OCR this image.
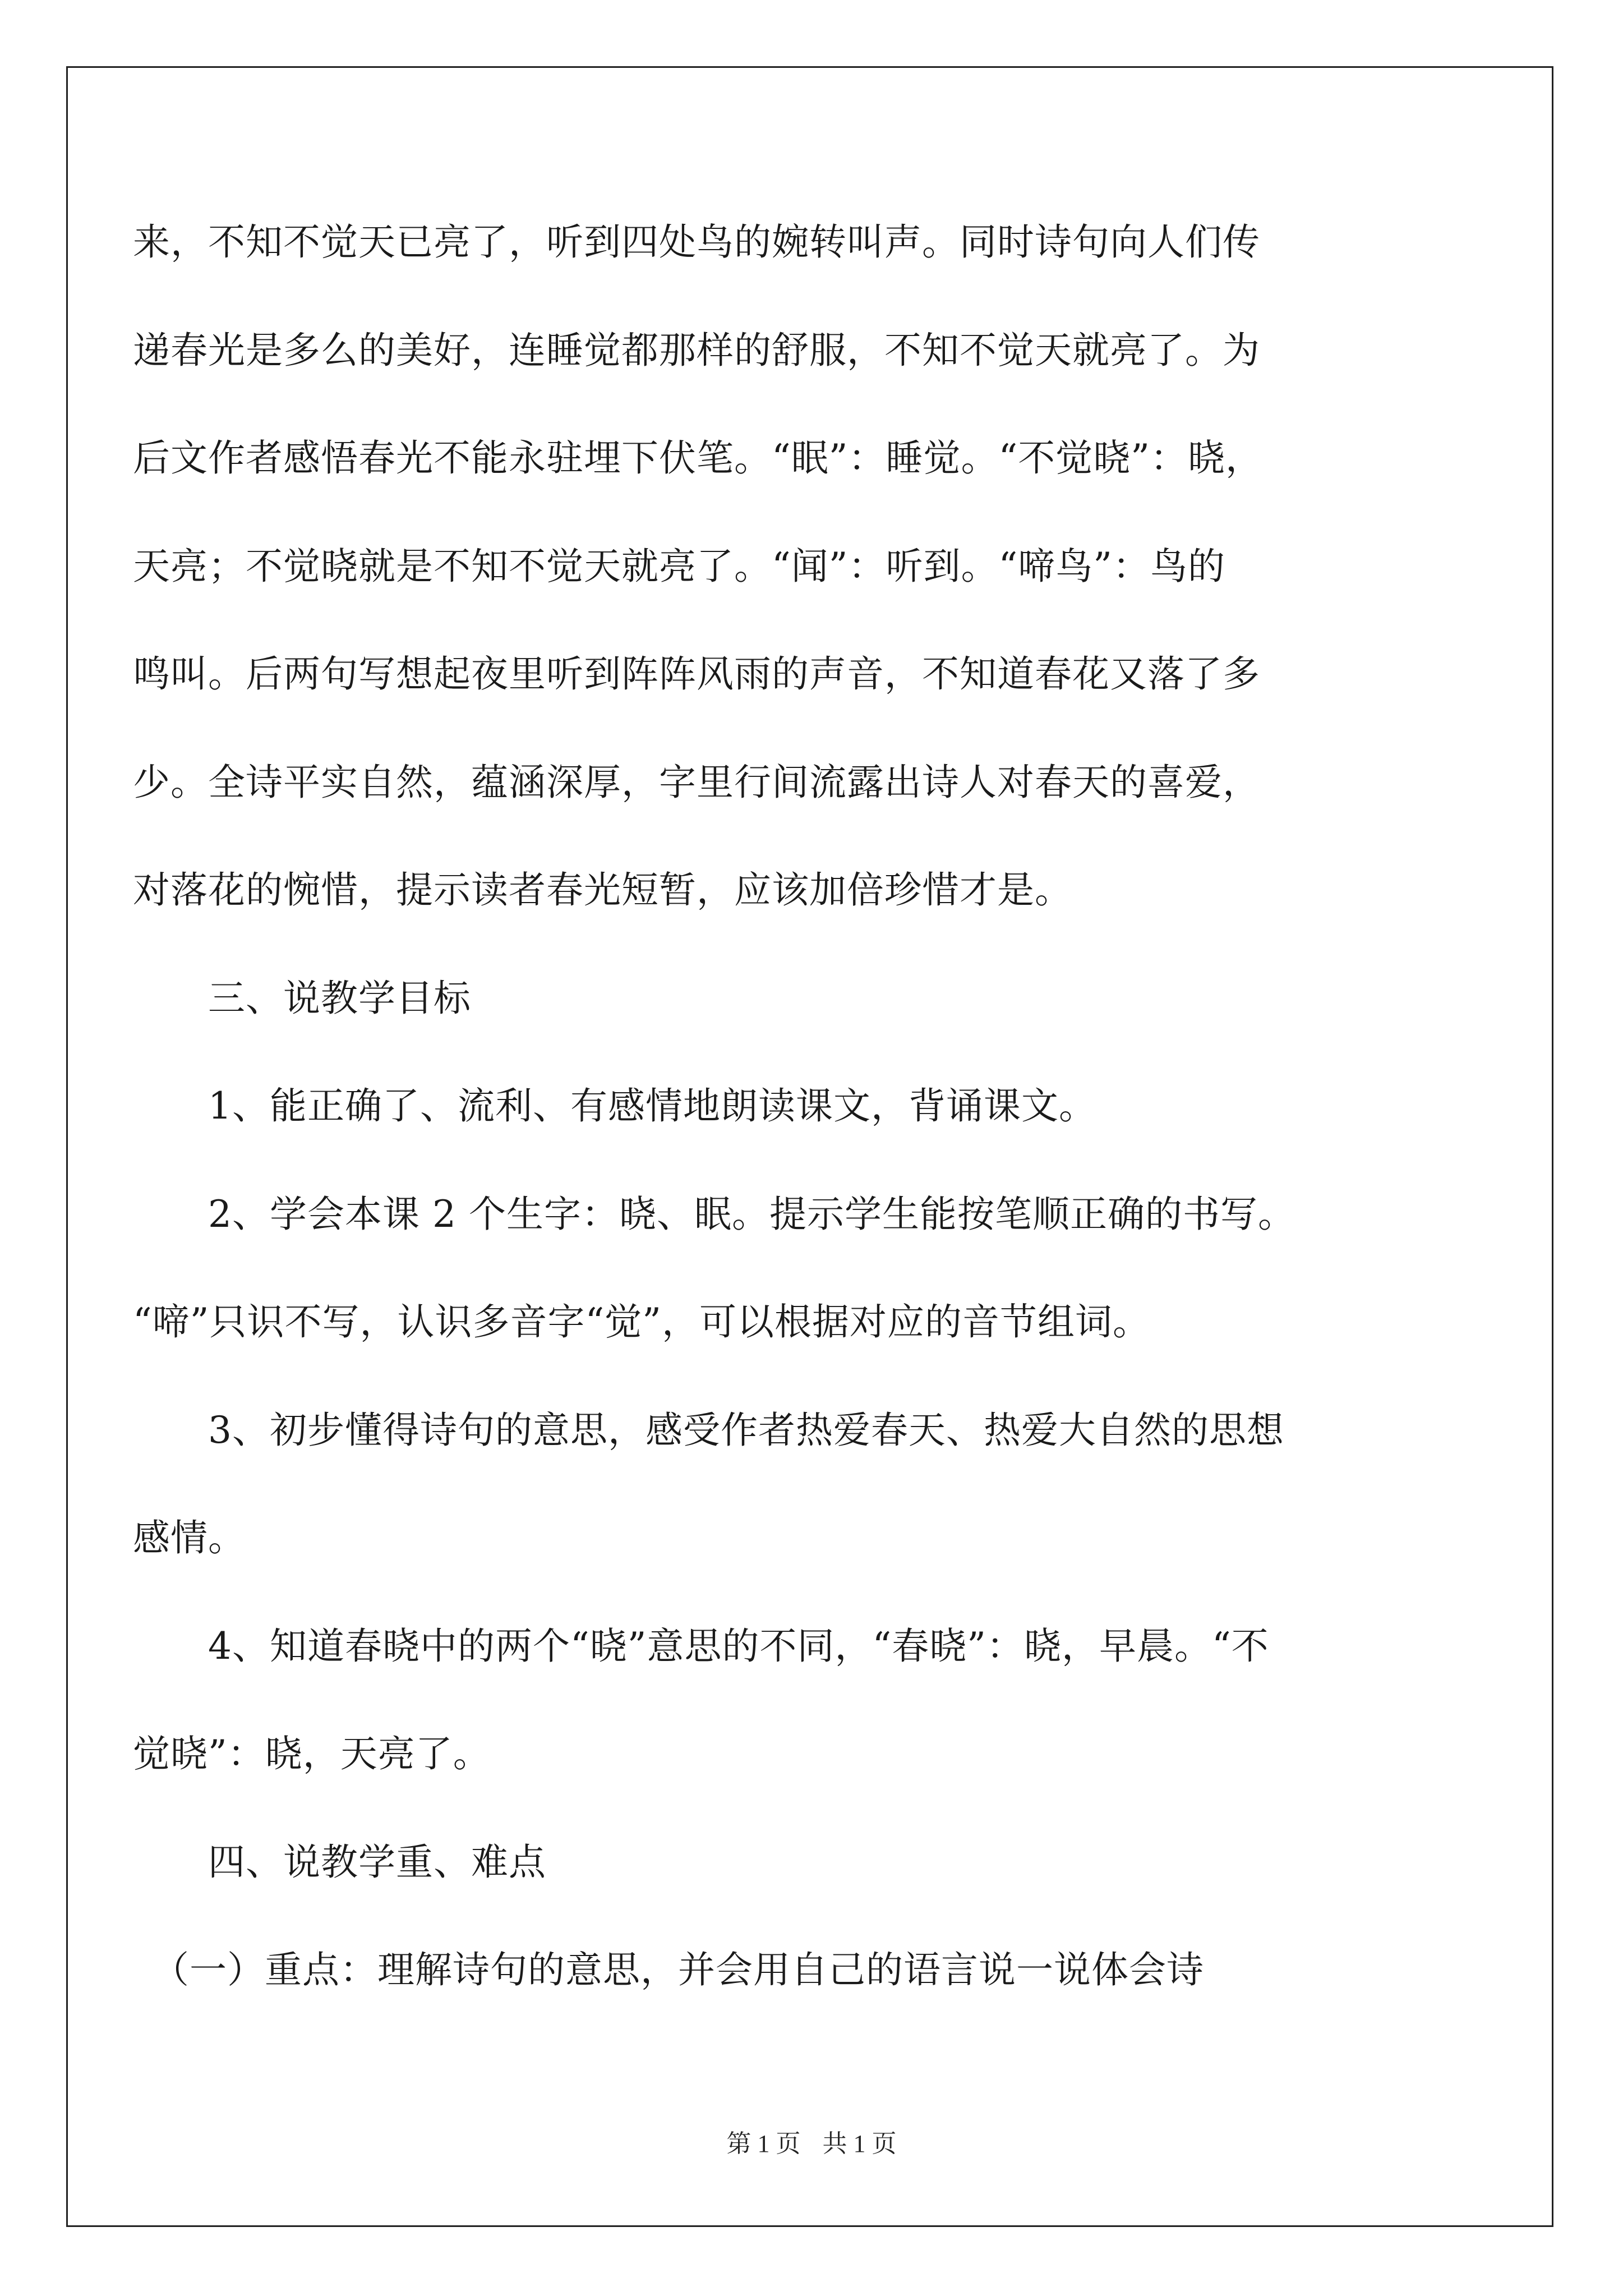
来，不知不觉天已亮了，听到四处鸟的婉转叫声。同时诗句向人们传
递春光是多么的美好，连睡觉都那样的舒服，不知不觉天就亮了。为
后文作者感悟春光不能永驻埋下伏笔。“眠”：睡觉。“不觉晓”：晓，
天亮；不觉晓就是不知不觉天就亮了。“闻”：听到。“啼鸟”：鸟的
鸣叫。后两句写想起夜里听到阵阵风雨的声音，不知道春花又落了多
少。全诗平实自然，蕴涵深厚，字里行间流露出诗人对春天的喜爱，
对落花的惋惜，提示读者春光短暂，应该加倍珍惜才是。
　　三、说教学目标
　　1、能正确了、流利、有感情地朗读课文，背诵课文。
　　2、学会本课 2 个生字：晓、眠。提示学生能按笔顺正确的书写。
“啼”只识不写，认识多音字“觉”，可以根据对应的音节组词。
　　3、初步懂得诗句的意思，感受作者热爱春天、热爱大自然的思想
感情。
　　4、知道春晓中的两个“晓”意思的不同，“春晓”：晓，早晨。“不
觉晓”：晓，天亮了。
　　四、说教学重、难点
　（一）重点：理解诗句的意思，并会用自己的语言说一说体会诗
第 1 页 共 1 页
